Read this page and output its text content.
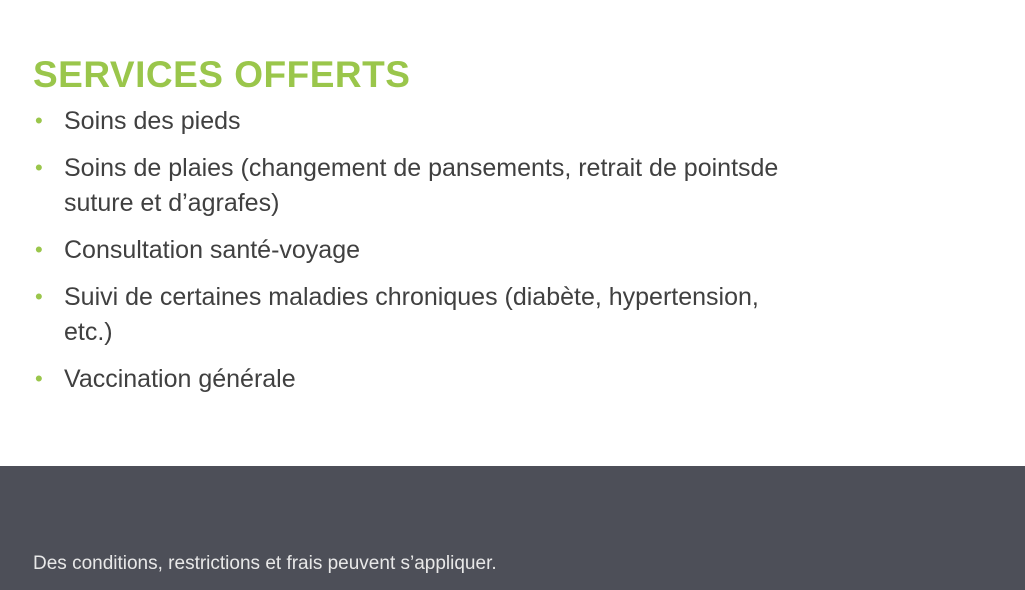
SERVICES OFFERTS
• Soins des pieds
• Soins de plaies (changement de pansements, retrait de pointsde suture et d’agrafes)
• Consultation santé-voyage
• Suivi de certaines maladies chroniques (diabète, hypertension, etc.)
• Vaccination générale
Des conditions, restrictions et frais peuvent s’appliquer.
